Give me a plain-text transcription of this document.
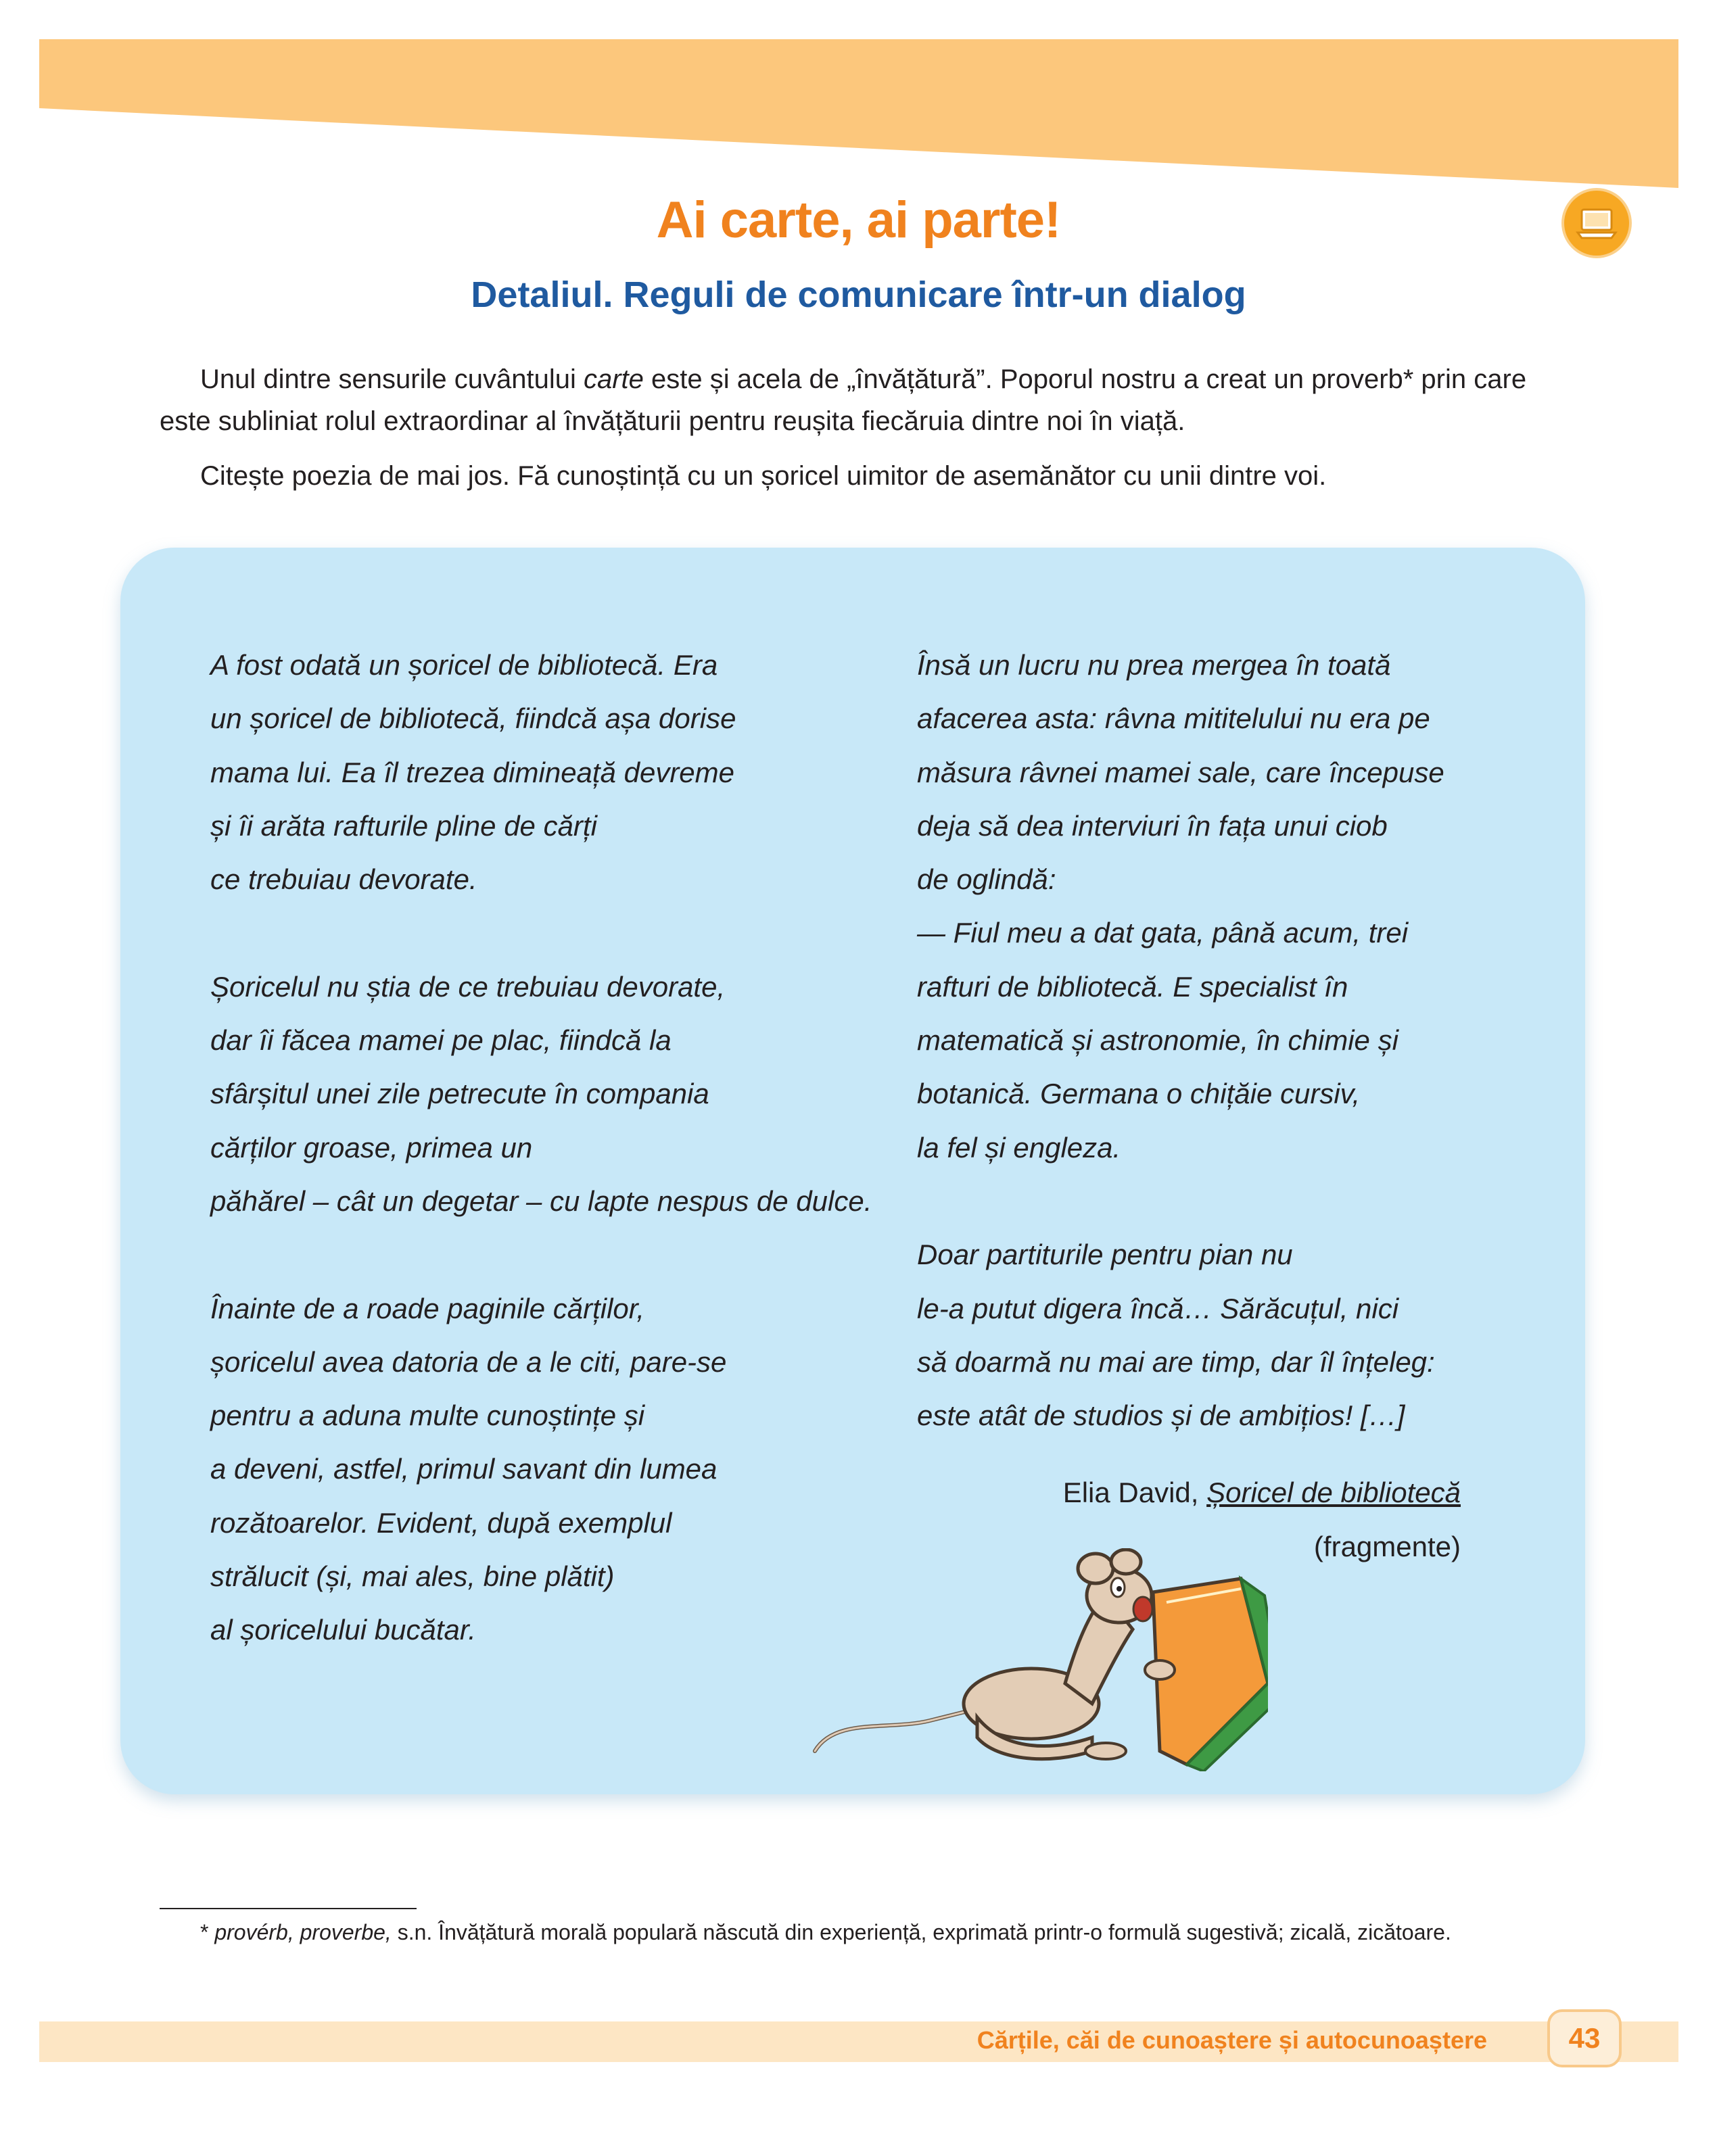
Ai carte, ai parte!
Detaliul. Reguli de comunicare într-un dialog

Unul dintre sensurile cuvântului carte este și acela de „învățătură”. Poporul nostru a creat un proverb* prin care este subliniat rolul extraordinar al învățăturii pentru reușita fiecăruia dintre noi în viață.

Citește poezia de mai jos. Fă cunoștință cu un șoricel uimitor de asemănător cu unii dintre voi.

A fost odată un șoricel de bibliotecă. Era
un șoricel de bibliotecă, fiindcă așa dorise
mama lui. Ea îl trezea dimineață devreme
și îi arăta rafturile pline de cărți
ce trebuiau devorate.
Șoricelul nu știa de ce trebuiau devorate,
dar îi făcea mamei pe plac, fiindcă la
sfârșitul unei zile petrecute în compania
cărților groase, primea un
păhărel – cât un degetar – cu lapte nespus de dulce.
Înainte de a roade paginile cărților,
șoricelul avea datoria de a le citi, pare-se
pentru a aduna multe cunoștințe și
a deveni, astfel, primul savant din lumea
rozătoarelor. Evident, după exemplul
strălucit (și, mai ales, bine plătit)
al șoricelului bucătar.
Însă un lucru nu prea mergea în toată
afacerea asta: râvna mititelului nu era pe
măsura râvnei mamei sale, care începuse
deja să dea interviuri în fața unui ciob
de oglindă:
— Fiul meu a dat gata, până acum, trei
rafturi de bibliotecă. E specialist în
matematică și astronomie, în chimie și
botanică. Germana o chițăie cursiv,
la fel și engleza.
Doar partiturile pentru pian nu
le-a putut digera încă… Sărăcuțul, nici
să doarmă nu mai are timp, dar îl înțeleg:
este atât de studios și de ambițios! […]
Elia David, Șoricel de bibliotecă
(fragmente)
* provérb, proverbe, s.n. Învățătură morală populară născută din experiență, exprimată printr-o formulă sugestivă; zicală, zicătoare.
Cărțile, căi de cunoaștere și autocunoaștere	43
